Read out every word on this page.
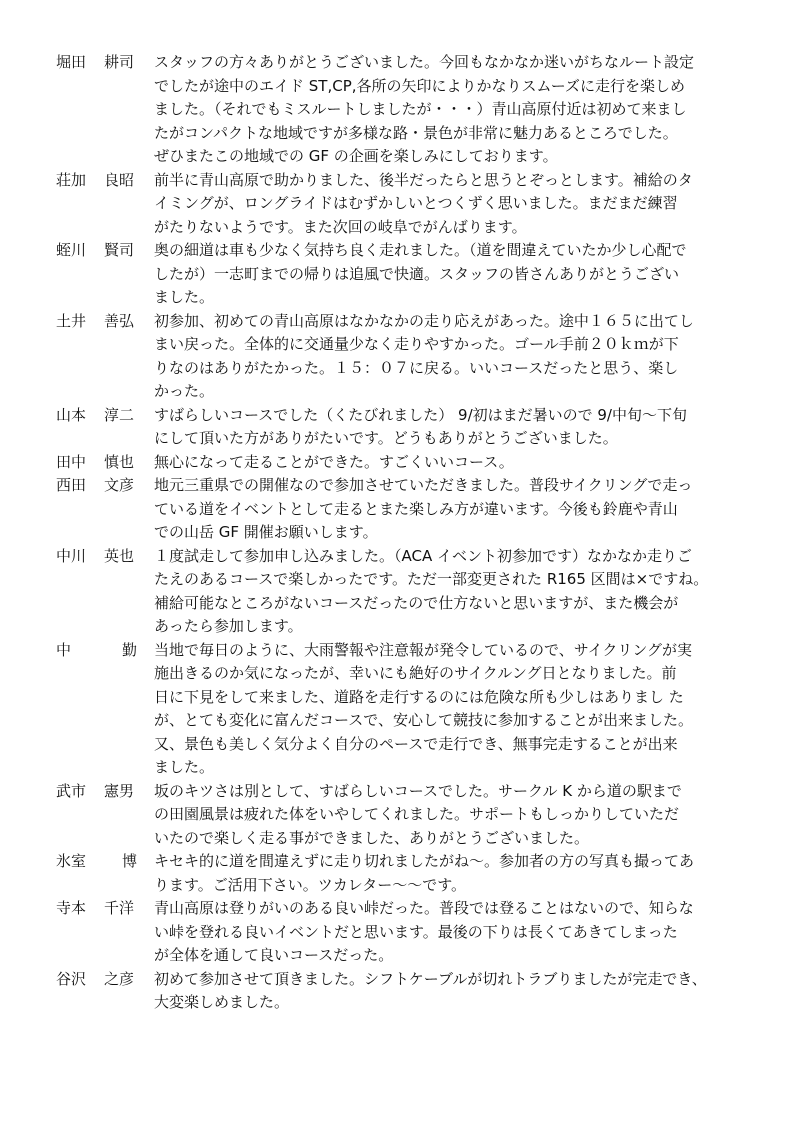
堀田 耕司	スタッフの方々ありがとうございました。今回もなかなか迷いがちなルート設定
でしたが途中のエイド ST,CP,各所の矢印によりかなりスムーズに走行を楽しめ
ました。（それでもミスルートしましたが・・・）青山高原付近は初めて来まし
たがコンパクトな地域ですが多様な路・景色が非常に魅力あるところでした。
ぜひまたこの地域での GF の企画を楽しみにしております。
荘加 良昭	前半に青山高原で助かりました、後半だったらと思うとぞっとします。補給のタ
イミングが、ロングライドはむずかしいとつくずく思いました。まだまだ練習
がたりないようです。また次回の岐阜でがんばります。
蛭川 賢司	奥の細道は車も少なく気持ち良く走れました。（道を間違えていたか少し心配で
したが）一志町までの帰りは追風で快適。スタッフの皆さんありがとうござい
ました。
土井 善弘	初参加、初めての青山高原はなかなかの走り応えがあった。途中１６５に出てし
まい戻った。全体的に交通量少なく走りやすかった。ゴール手前２０ｋｍが下
りなのはありがたかった。１５：０７に戻る。いいコースだったと思う、楽し
かった。
山本 淳二	すばらしいコースでした（くたびれました） 9/初はまだ暑いので 9/中旬～下旬
にして頂いた方がありがたいです。どうもありがとうございました。
田中 慎也	無心になって走ることができた。すごくいいコース。
西田 文彦	地元三重県での開催なので参加させていただきました。普段サイクリングで走っ
ている道をイベントとして走るとまた楽しみ方が違います。今後も鈴鹿や青山
での山岳 GF 開催お願いします。
中川 英也	１度試走して参加申し込みました。（ACA イベント初参加です）なかなか走りご
たえのあるコースで楽しかったです。ただ一部変更された R165 区間は×ですね。
補給可能なところがないコースだったので仕方ないと思いますが、また機会が
あったら参加します。
中	勤	当地で毎日のように、大雨警報や注意報が発令しているので、サイクリングが実
施出きるのか気になったが、幸いにも絶好のサイクルング日となりました。前
日に下見をして来ました、道路を走行するのには危険な所も少しはありまし た
が、とても変化に富んだコースで、安心して競技に参加することが出来ました。
又、景色も美しく気分よく自分のペースで走行でき、無事完走することが出来
ました。
武市 憲男	坂のキツさは別として、すばらしいコースでした。サークル K から道の駅まで
の田園風景は疲れた体をいやしてくれました。サポートもしっかりしていただ
いたので楽しく走る事ができました、ありがとうございました。
氷室 博	キセキ的に道を間違えずに走り切れましたがね～。参加者の方の写真も撮ってあ
ります。ご活用下さい。ツカレター～～です。
寺本 千洋	青山高原は登りがいのある良い峠だった。普段では登ることはないので、知らな
い峠を登れる良いイベントだと思います。最後の下りは長くてあきてしまった
が全体を通して良いコースだった。
谷沢 之彦	初めて参加させて頂きました。シフトケーブルが切れトラブりましたが完走でき、
大変楽しめました。
